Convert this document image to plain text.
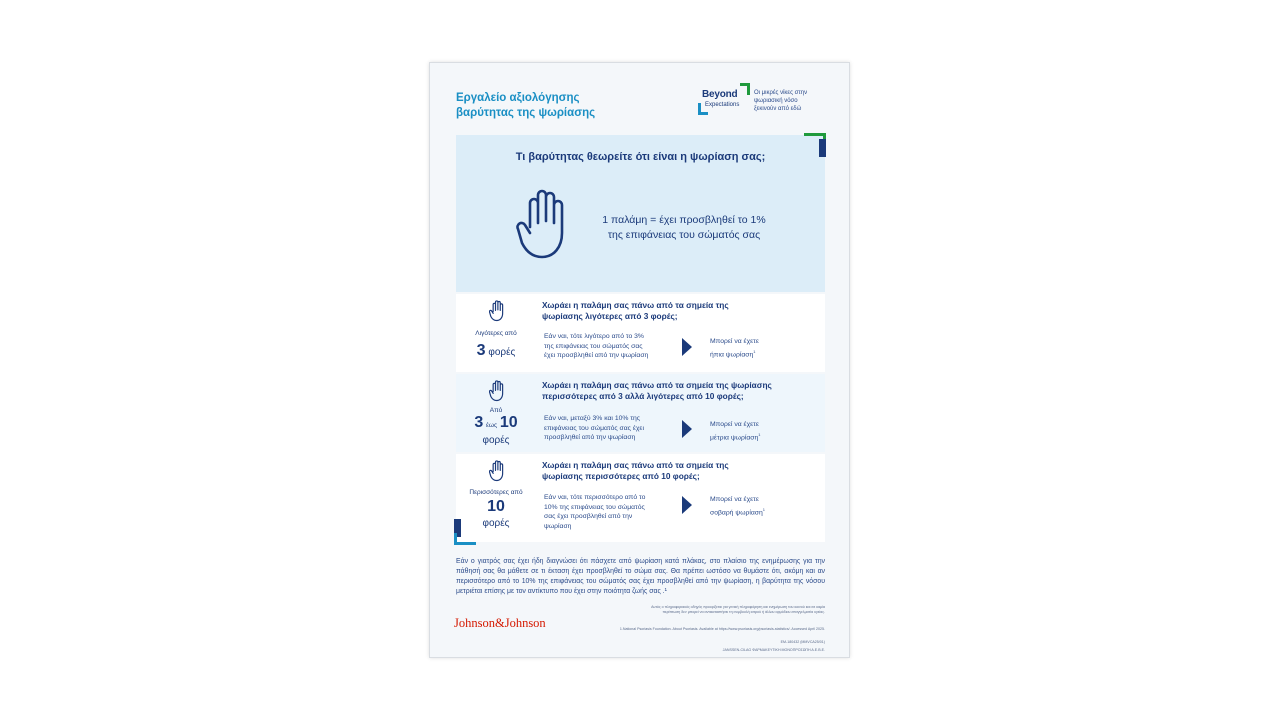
Εργαλείο αξιολόγησης
βαρύτητας της ψωρίασης
Beyond
Expectations
Οι μικρές νίκες στην
ψωριασική νόσο
ξεκινούν από εδώ
Τι βαρύτητας θεωρείτε ότι είναι η ψωρίαση σας;
1 παλάμη = έχει προσβληθεί το 1%
της επιφάνειας του σώματός σας
Λιγότερες από
3 φορές
Χωράει η παλάμη σας πάνω από τα σημεία της
ψωρίασης λιγότερες από 3 φορές;
Εάν ναι, τότε λιγότερο από το 3%
της επιφάνειας του σώματός σας
έχει προσβληθεί από την ψωρίαση
Μπορεί να έχετε
ήπια ψωρίαση$^1$
Από
3 έως 10
φορές
Χωράει η παλάμη σας πάνω από τα σημεία της ψωρίασης
περισσότερες από 3 αλλά λιγότερες από 10 φορές;
Εάν ναι, μεταξύ 3% και 10% της
επιφάνειας του σώματός σας έχει
προσβληθεί από την ψωρίαση
Μπορεί να έχετε
μέτρια ψωρίαση$^1$
Περισσότερες από
10
φορές
Χωράει η παλάμη σας πάνω από τα σημεία της
ψωρίασης περισσότερες από 10 φορές;
Εάν ναι, τότε περισσότερο από το
10% της επιφάνειας του σώματός
σας έχει προσβληθεί από την
ψωρίαση
Μπορεί να έχετε
σοβαρή ψωρίαση$^1$
Εάν ο γιατρός σας έχει ήδη διαγνώσει ότι πάσχετε από ψωρίαση κατά πλάκας, στο πλαίσιο της ενημέρωσης για την πάθησή σας θα μάθετε σε τι έκταση έχει προσβληθεί το σώμα σας. Θα πρέπει ωστόσο να θυμάστε ότι, ακόμη και αν περισσότερο από το 10% της επιφάνειας του σώματός σας έχει προσβληθεί από την ψωρίαση, η βαρύτητα της νόσου μετριέται επίσης με τον αντίκτυπο που έχει στην ποιότητα ζωής σας .¹
Johnson&Johnson
Αυτός ο πληροφοριακός οδηγός προορίζεται για γενική πληροφόρηση και ενημέρωση του κοινού και σε καμία
περίπτωση δεν μπορεί να αντικαταστήσει τη συμβουλή ιατρού ή άλλου αρμόδιου επαγγελματία υγείας.
1.National Psoriasis Foundation. About Psoriasis. Available at https://www.psoriasis.org/psoriasis-statistics/. Accessed April 2025.
EM-180432 (MMVCA25/01)
JANSSEN-CILAG ΦΑΡΜΑΚΕΥΤΙΚΗ ΜΟΝΟΠΡΟΣΩΠΗ Α.Ε.Β.Ε.
